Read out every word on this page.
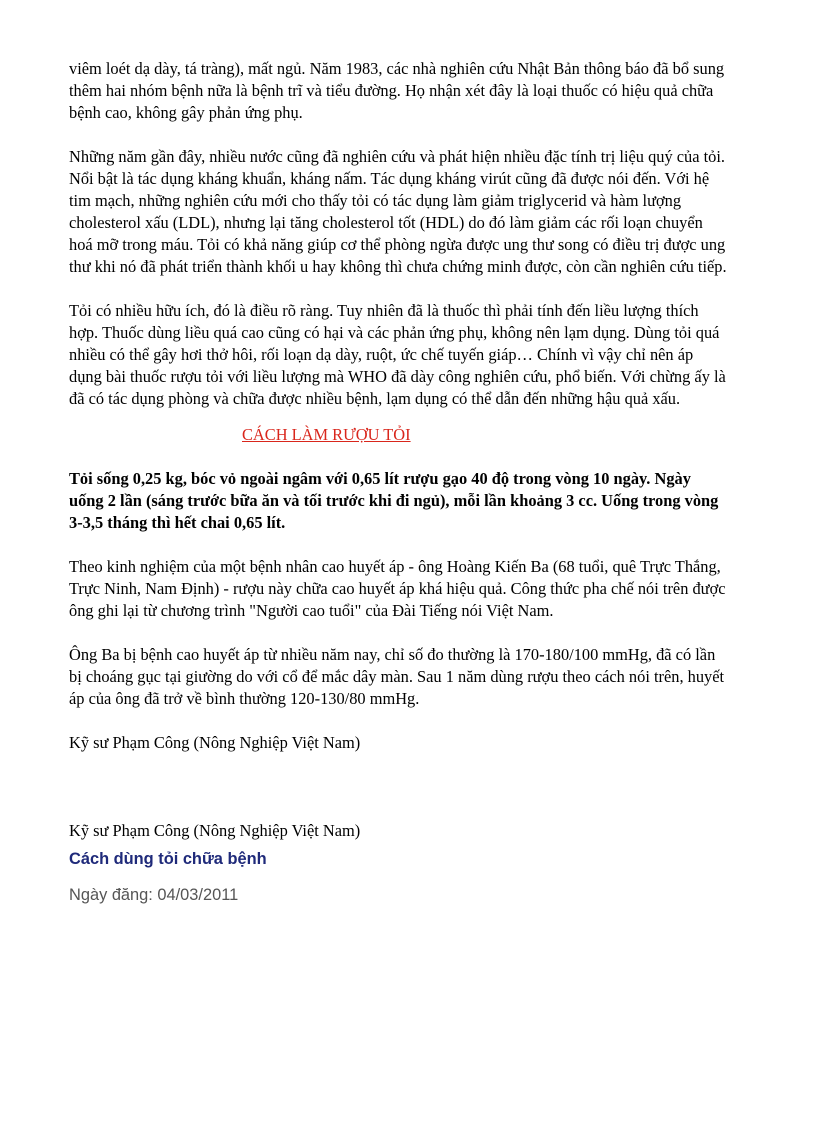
viêm loét dạ dày, tá tràng), mất ngủ. Năm 1983, các nhà nghiên cứu Nhật Bản thông báo đã bổ sung thêm hai nhóm bệnh nữa là bệnh trĩ và tiểu đường. Họ nhận xét đây là loại thuốc có hiệu quả chữa bệnh cao, không gây phản ứng phụ.

Những năm gần đây, nhiều nước cũng đã nghiên cứu và phát hiện nhiều đặc tính trị liệu quý của tỏi. Nổi bật là tác dụng kháng khuẩn, kháng nấm. Tác dụng kháng virút cũng đã được nói đến. Với hệ tim mạch, những nghiên cứu mới cho thấy tỏi có tác dụng làm giảm triglycerid và hàm lượng cholesterol xấu (LDL), nhưng lại tăng cholesterol tốt (HDL) do đó làm giảm các rối loạn chuyển hoá mỡ trong máu. Tỏi có khả năng giúp cơ thể phòng ngừa được ung thư song có điều trị được ung thư khi nó đã phát triển thành khối u hay không thì chưa chứng minh được, còn cần nghiên cứu tiếp.

Tỏi có nhiều hữu ích, đó là điều rõ ràng. Tuy nhiên đã là thuốc thì phải tính đến liều lượng thích hợp. Thuốc dùng liều quá cao cũng có hại và các phản ứng phụ, không nên lạm dụng. Dùng tỏi quá nhiều có thể gây hơi thở hôi, rối loạn dạ dày, ruột, ức chế tuyến giáp… Chính vì vậy chỉ nên áp dụng bài thuốc rượu tỏi với liều lượng mà WHO đã dày công nghiên cứu, phổ biến. Với chừng ấy là đã có tác dụng phòng và chữa được nhiều bệnh, lạm dụng có thể dẫn đến những hậu quả xấu.

CÁCH LÀM RƯỢU TỎI

Tỏi sống 0,25 kg, bóc vỏ ngoài ngâm với 0,65 lít rượu gạo 40 độ trong vòng 10 ngày. Ngày uống 2 lần (sáng trước bữa ăn và tối trước khi đi ngủ), mỗi lần khoảng 3 cc. Uống trong vòng 3-3,5 tháng thì hết chai 0,65 lít.

Theo kinh nghiệm của một bệnh nhân cao huyết áp - ông Hoàng Kiến Ba (68 tuổi, quê Trực Thắng, Trực Ninh, Nam Định) - rượu này chữa cao huyết áp khá hiệu quả. Công thức pha chế nói trên được ông ghi lại từ chương trình "Người cao tuổi" của Đài Tiếng nói Việt Nam.

Ông Ba bị bệnh cao huyết áp từ nhiều năm nay, chỉ số đo thường là 170-180/100 mmHg, đã có lần bị choáng gục tại giường do với cổ để mắc dây màn. Sau 1 năm dùng rượu theo cách nói trên, huyết áp của ông đã trở về bình thường 120-130/80 mmHg.

Kỹ sư Phạm Công (Nông Nghiệp Việt Nam)

Kỹ sư Phạm Công (Nông Nghiệp Việt Nam)

Cách dùng tỏi chữa bệnh

Ngày đăng: 04/03/2011
